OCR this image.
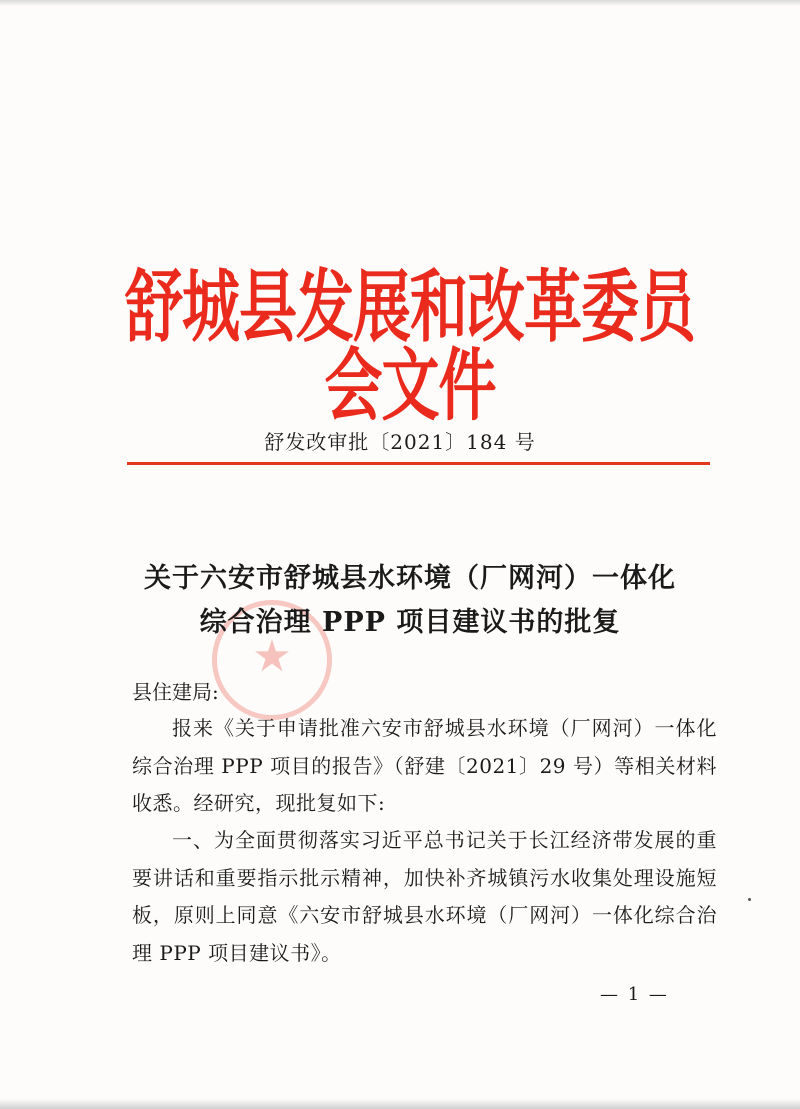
舒城县发展和改革委员会文件
舒发改审批〔2021〕184 号
★
关于六安市舒城县水环境（厂网河）一体化
综合治理 PPP 项目建议书的批复
县住建局:
报来《关于申请批准六安市舒城县水环境（厂网河）一体化综合治理 PPP 项目的报告》（舒建〔2021〕29 号）等相关材料收悉。经研究，现批复如下:
一、为全面贯彻落实习近平总书记关于长江经济带发展的重要讲话和重要指示批示精神，加快补齐城镇污水收集处理设施短板，原则上同意《六安市舒城县水环境（厂网河）一体化综合治理 PPP 项目建议书》。
— 1 —
